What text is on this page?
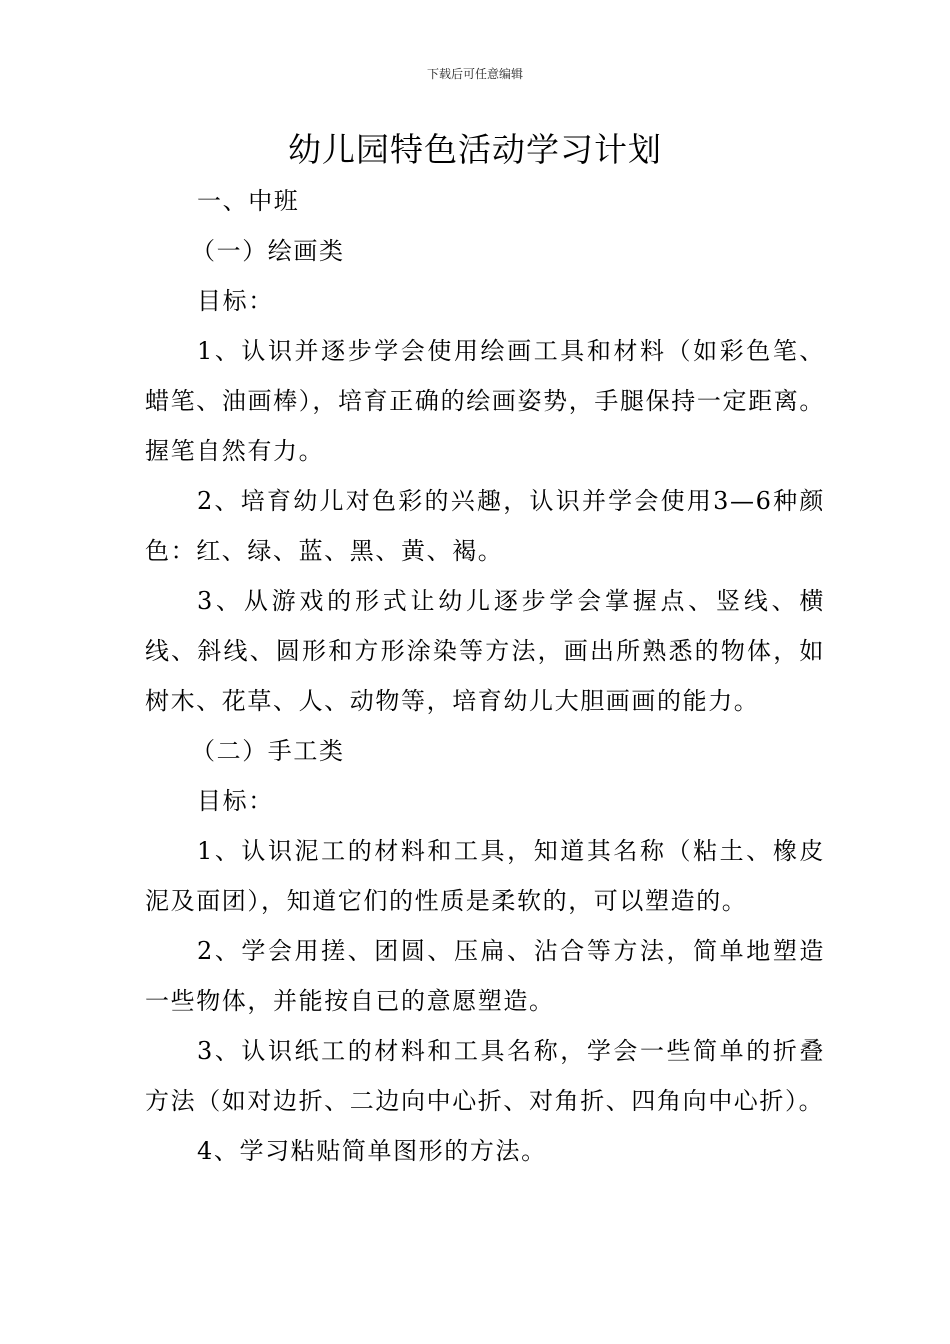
下载后可任意编辑
幼儿园特色活动学习计划

一、中班

（一）绘画类

目标：

1、认识并逐步学会使用绘画工具和材料（如彩色笔、蜡笔、油画棒），培育正确的绘画姿势，手腿保持一定距离。握笔自然有力。

2、培育幼儿对色彩的兴趣，认识并学会使用3—6种颜色：红、绿、蓝、黑、黄、褐。

3、从游戏的形式让幼儿逐步学会掌握点、竖线、横线、斜线、圆形和方形涂染等方法，画出所熟悉的物体，如树木、花草、人、动物等，培育幼儿大胆画画的能力。

（二）手工类

目标：

1、认识泥工的材料和工具，知道其名称（粘土、橡皮泥及面团），知道它们的性质是柔软的，可以塑造的。

2、学会用搓、团圆、压扁、沾合等方法，简单地塑造一些物体，并能按自已的意愿塑造。

3、认识纸工的材料和工具名称，学会一些简单的折叠方法（如对边折、二边向中心折、对角折、四角向中心折）。

4、学习粘贴简单图形的方法。
